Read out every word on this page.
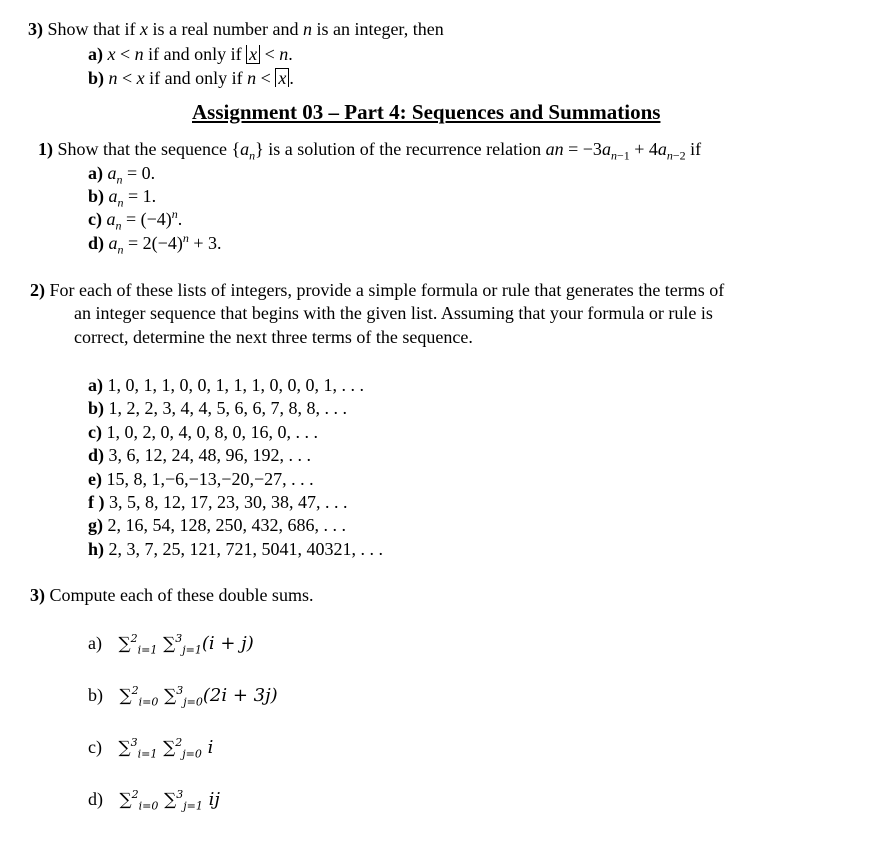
3) Show that if x is a real number and n is an integer, then
a) x < n if and only if x < n.
b) n < x if and only if n < x .
Assignment 03 – Part 4: Sequences and Summations
1) Show that the sequence $\{a_n\}$ is a solution of the recurrence relation an = $-3a_{n-1} + 4a_{n-2}$ if
a) $a_n = 0$.
b) $a_n = 1$.
c) $a_n = (-4)^n$.
d) $a_n = 2(-4)^n + 3$.
2) For each of these lists of integers, provide a simple formula or rule that generates the terms of
an integer sequence that begins with the given list. Assuming that your formula or rule is
correct, determine the next three terms of the sequence.
a) 1, 0, 1, 1, 0, 0, 1, 1, 1, 0, 0, 0, 1, . . .
b) 1, 2, 2, 3, 4, 4, 5, 6, 6, 7, 8, 8, . . .
c) 1, 0, 2, 0, 4, 0, 8, 0, 16, 0, . . .
d) 3, 6, 12, 24, 48, 96, 192, . . .
e) 15, 8, 1,−6,−13,−20,−27, . . .
f ) 3, 5, 8, 12, 17, 23, 30, 38, 47, . . .
g) 2, 16, 54, 128, 250, 432, 686, . . .
h) 2, 3, 7, 25, 121, 721, 5041, 40321, . . .
3) Compute each of these double sums.
a) ∑$^2_{i=1}$ ∑$^3_{j=1}$(i + j)
b) ∑$^2_{i=0}$ ∑$^3_{j=0}$(2i + 3j)
c) ∑$^3_{i=1}$ ∑$^2_{j=0}$ i
d) ∑$^2_{i=0}$ ∑$^3_{j=1}$ ij
